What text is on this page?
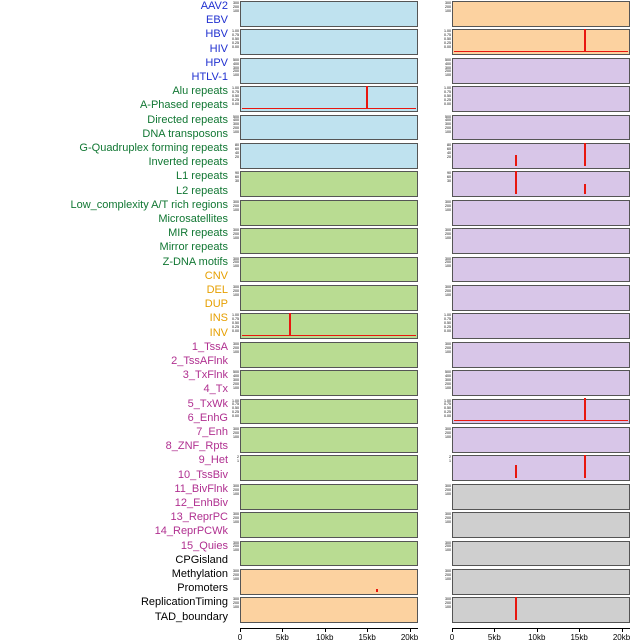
AAV2
EBV
HBV
HIV
HPV
HTLV-1
Alu repeats
A-Phased repeats
Directed repeats
DNA transposons
G-Quadruplex forming repeats
Inverted repeats
L1 repeats
L2 repeats
Low_complexity A/T rich regions
Microsatellites
MIR repeats
Mirror repeats
Z-DNA motifs
CNV
DEL
DUP
INS
INV
1_TssA
2_TssAFlnk
3_TxFlnk
4_Tx
5_TxWk
6_EnhG
7_Enh
8_ZNF_Rpts
9_Het
10_TssBiv
11_BivFlnk
12_EnhBiv
13_ReprPC
14_ReprPCWk
15_Quies
CPGisland
Methylation
Promoters
ReplicationTiming
TAD_boundary
300
200
100
1.00
0.75
0.50
0.25
0.00
500
400
300
200
100
1.00
0.75
0.50
0.25
0.00
500
400
300
200
100
80
60
40
20
90
60
30
300
200
100
300
200
100
300
200
100
300
200
100
1.00
0.75
0.50
0.25
0.00
300
200
100
500
400
300
200
100
1.00
0.75
0.50
0.25
0.00
300
200
100
2
1
300
200
100
300
200
100
300
200
100
300
200
100
300
200
100
300
200
100
1.00
0.75
0.50
0.25
0.00
500
400
300
200
100
1.00
0.75
0.50
0.25
0.00
500
400
300
200
100
80
60
40
20
90
60
30
300
200
100
300
200
100
300
200
100
300
200
100
1.00
0.75
0.50
0.25
0.00
300
200
100
500
400
300
200
100
1.00
0.75
0.50
0.25
0.00
300
200
100
2
1
300
200
100
300
200
100
300
200
100
300
200
100
300
200
100
0	5kb	10kb	15kb	20kb	0	5kb	10kb	15kb	20kb
